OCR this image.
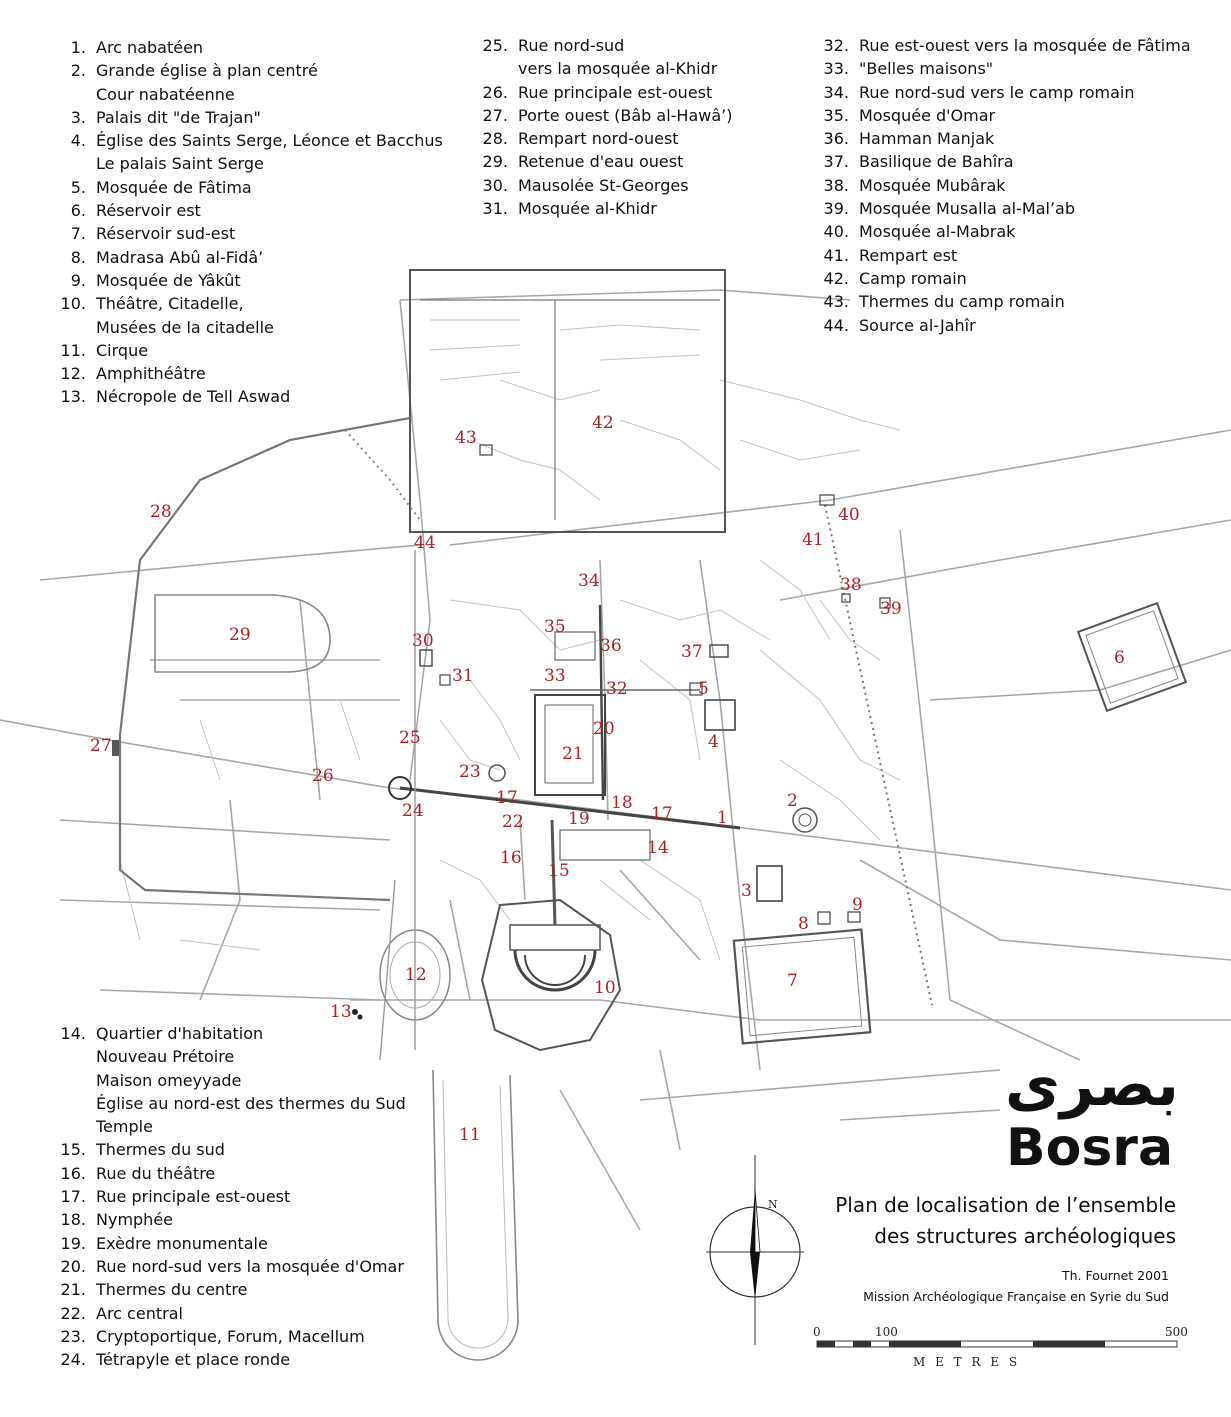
1
2
3
4
5
6
7
8
9
10
11
12
13
14
15
16
17
17
18
19
20
21
22
23
24
25
26
27
28
29	30
31
32
33
34
35
36	37
38
39
40
41
42
43
44
N
0	100	500
M E T R E S
1. Arc nabatéen
2. Grande église à plan centré
Cour nabatéenne
3. Palais dit "de Trajan"
4. Église des Saints Serge, Léonce et Bacchus
Le palais Saint Serge
5. Mosquée de Fâtima
6. Réservoir est
7. Réservoir sud-est
8. Madrasa Abû al-Fidâ’
9. Mosquée de Yâkût
10. Théâtre, Citadelle,
Musées de la citadelle
11. Cirque
12. Amphithéâtre
13. Nécropole de Tell Aswad
25. Rue nord-sud
vers la mosquée al-Khidr
26. Rue principale est-ouest
27. Porte ouest (Bâb al-Hawâ’)
28. Rempart nord-ouest
29. Retenue d'eau ouest
30. Mausolée St-Georges
31. Mosquée al-Khidr
32. Rue est-ouest vers la mosquée de Fâtima
33. "Belles maisons"
34. Rue nord-sud vers le camp romain
35. Mosquée d'Omar
36. Hamman Manjak
37. Basilique de Bahîra
38. Mosquée Mubârak
39. Mosquée Musalla al-Mal’ab
40. Mosquée al-Mabrak
41. Rempart est
42. Camp romain
43. Thermes du camp romain
44. Source al-Jahîr
14. Quartier d'habitation
Nouveau Prétoire
Maison omeyyade
Église au nord-est des thermes du Sud
Temple
15. Thermes du sud
16. Rue du théâtre
17. Rue principale est-ouest
18. Nymphée
19. Exèdre monumentale
20. Rue nord-sud vers la mosquée d'Omar
21. Thermes du centre
22. Arc central
23. Cryptoportique, Forum, Macellum
24. Tétrapyle et place ronde
بصرى
Bosra
Plan de localisation de l’ensemble
des structures archéologiques
Th. Fournet 2001
Mission Archéologique Française en Syrie du Sud
